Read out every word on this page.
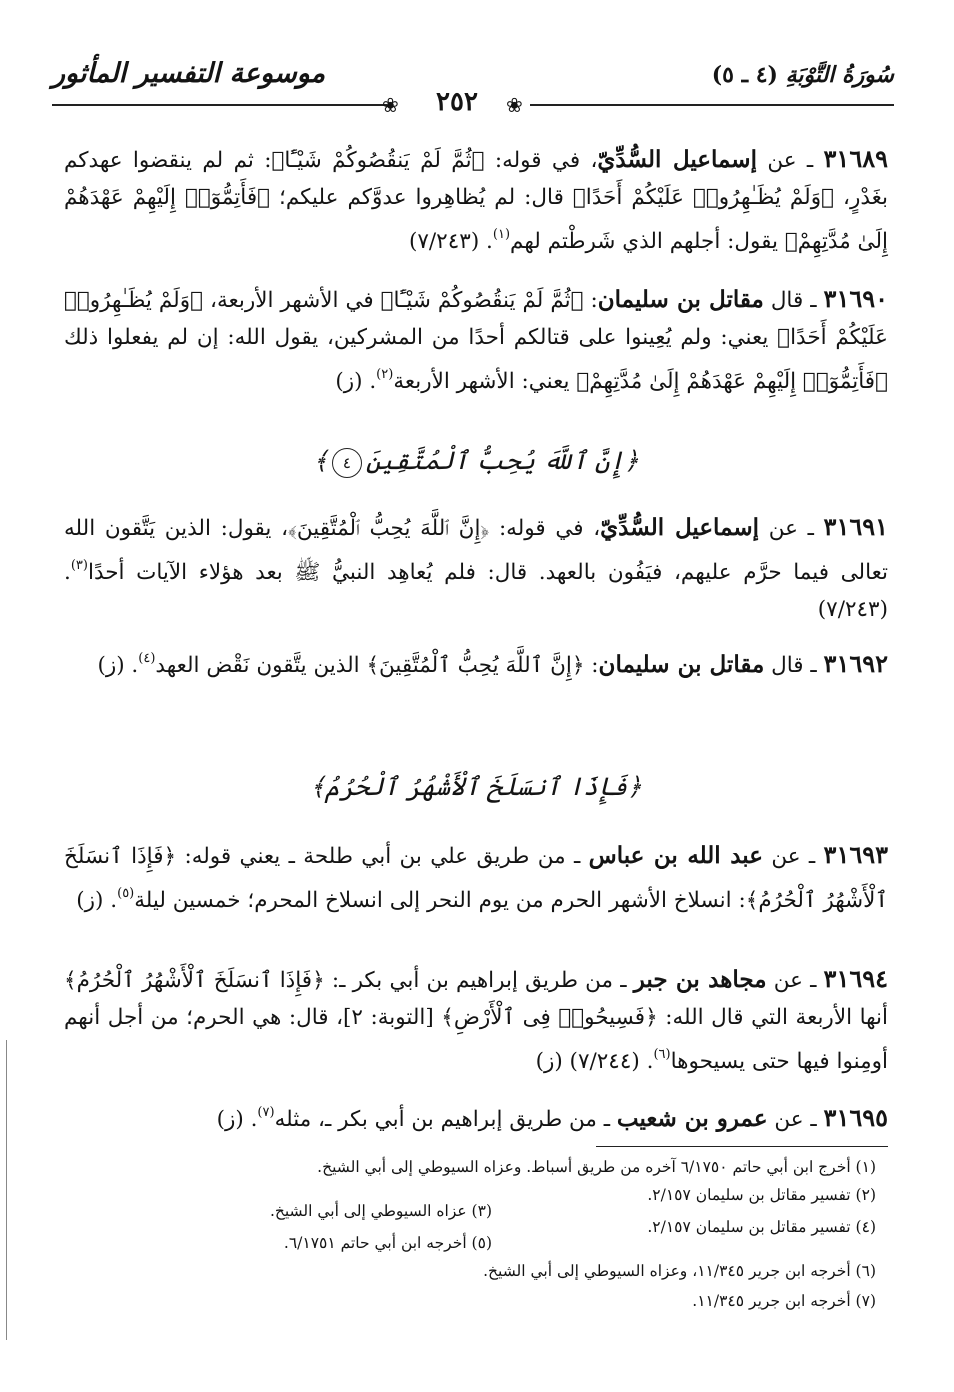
سُورَةُ التَّوْبَةِ (٤ ـ ٥)
موسوعة التفسير المأثور
❀	❀
٢٥٢
٣١٦٨٩ ـ عن إسماعيل السُّدِّيّ، في قوله: ﴿ثُمَّ لَمْ يَنقُصُوكُمْ شَيْـًٔا﴾: ثم لم ينقضوا عهدكم بغَدْرٍ، ﴿وَلَمْ يُظَـٰهِرُوا۟ عَلَيْكُمْ أَحَدًا﴾ قال: لم يُظاهِروا عدوَّكم عليكم؛ ﴿فَأَتِمُّوٓا۟ إِلَيْهِمْ عَهْدَهُمْ إِلَىٰ مُدَّتِهِمْ﴾ يقول: أجلهم الذي شَرطْتم لهم$^{(١)}$. (٧/٢٤٣)
٣١٦٩٠ ـ قال مقاتل بن سليمان: ﴿ثُمَّ لَمْ يَنقُصُوكُمْ شَيْـًٔا﴾ في الأشهر الأربعة، ﴿وَلَمْ يُظَـٰهِرُوا۟ عَلَيْكُمْ أَحَدًا﴾ يعني: ولم يُعِينوا على قتالكم أحدًا من المشركين، يقول الله: إن لم يفعلوا ذلك ﴿فَأَتِمُّوٓا۟ إِلَيْهِمْ عَهْدَهُمْ إِلَىٰ مُدَّتِهِمْ﴾ يعني: الأشهر الأربعة$^{(٢)}$. (ز)
﴿إِنَّ ٱللَّهَ يُحِبُّ ٱلْمُتَّقِينَ٤﴾
٣١٦٩١ ـ عن إسماعيل السُّدِّيّ، في قوله: ﴿إِنَّ ٱللَّهَ يُحِبُّ ٱلْمُتَّقِينَ﴾، يقول: الذين يَتَّقون الله تعالى فيما حرَّم عليهم، فيَفُون بالعهد. قال: فلم يُعاهِد النبيُّ ﷺ بعد هؤلاء الآيات أحدًا$^{(٣)}$. (٧/٢٤٣)
٣١٦٩٢ ـ قال مقاتل بن سليمان: ﴿إِنَّ ٱللَّهَ يُحِبُّ ٱلْمُتَّقِينَ﴾ الذين يتَّقون نَقْض العهد$^{(٤)}$. (ز)
﴿فَإِذَا ٱنسَلَخَ ٱلْأَشْهُرُ ٱلْحُرُمُ﴾
٣١٦٩٣ ـ عن عبد الله بن عباس ـ من طريق علي بن أبي طلحة ـ يعني قوله: ﴿فَإِذَا ٱنسَلَخَ ٱلْأَشْهُرُ ٱلْحُرُمُ﴾: انسلاخ الأشهر الحرم من يوم النحر إلى انسلاخ المحرم؛ خمسين ليلة$^{(٥)}$. (ز)
٣١٦٩٤ ـ عن مجاهد بن جبر ـ من طريق إبراهيم بن أبي بكر ـ: ﴿فَإِذَا ٱنسَلَخَ ٱلْأَشْهُرُ ٱلْحُرُمُ﴾ أنها الأربعة التي قال الله: ﴿فَسِيحُوا۟ فِى ٱلْأَرْضِ﴾ [التوبة: ٢]، قال: هي الحرم؛ من أجل أنهم أومِنوا فيها حتى يسيحوها$^{(٦)}$. (٧/٢٤٤) (ز)
٣١٦٩٥ ـ عن عمرو بن شعيب ـ من طريق إبراهيم بن أبي بكر ـ، مثله$^{(٧)}$. (ز)
(١) أخرج ابن أبي حاتم ٦/١٧٥٠ آخره من طريق أسباط. وعزاه السيوطي إلى أبي الشيخ.
(٢) تفسير مقاتل بن سليمان ٢/١٥٧.
(٣) عزاه السيوطي إلى أبي الشيخ.
(٤) تفسير مقاتل بن سليمان ٢/١٥٧.
(٥) أخرجه ابن أبي حاتم ٦/١٧٥١.
(٦) أخرجه ابن جرير ١١/٣٤٥، وعزاه السيوطي إلى أبي الشيخ.
(٧) أخرجه ابن جرير ١١/٣٤٥.
